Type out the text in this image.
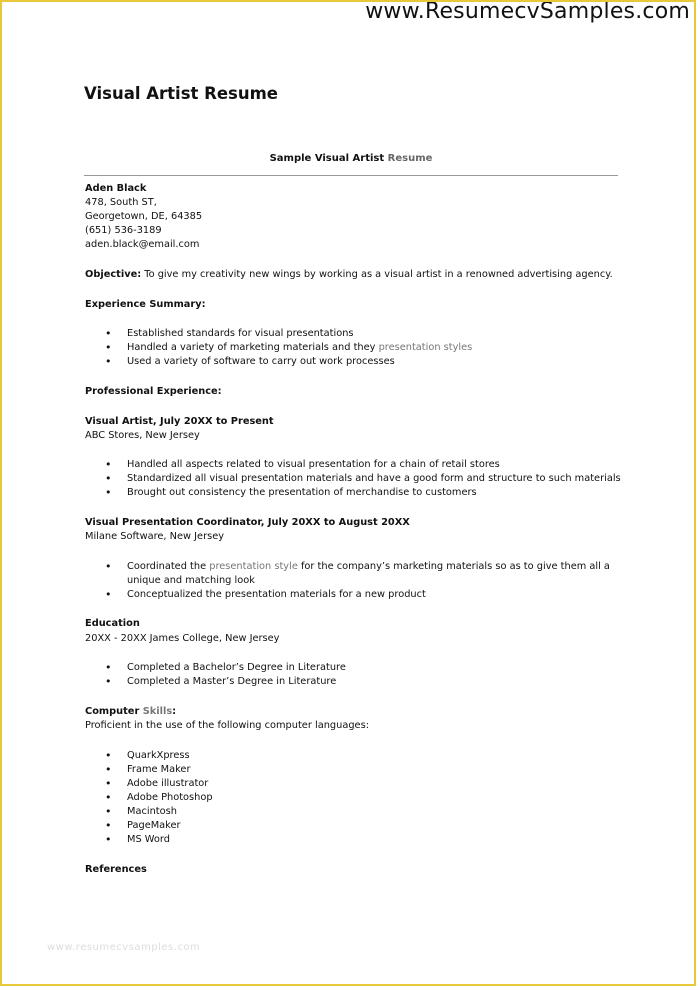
www.ResumecvSamples.com
Visual Artist Resume
Sample Visual Artist Resume
Aden Black
478, South ST,
Georgetown, DE, 64385
(651) 536-3189
aden.black@email.com
Objective: To give my creativity new wings by working as a visual artist in a renowned advertising agency.
Experience Summary:
• Established standards for visual presentations
• Handled a variety of marketing materials and they presentation styles
• Used a variety of software to carry out work processes
Professional Experience:
Visual Artist, July 20XX to Present
ABC Stores, New Jersey
• Handled all aspects related to visual presentation for a chain of retail stores
• Standardized all visual presentation materials and have a good form and structure to such materials
• Brought out consistency the presentation of merchandise to customers
Visual Presentation Coordinator, July 20XX to August 20XX
Milane Software, New Jersey
• Coordinated the presentation style for the company’s marketing materials so as to give them all a unique and matching look
• Conceptualized the presentation materials for a new product
Education
20XX - 20XX James College, New Jersey
• Completed a Bachelor’s Degree in Literature
• Completed a Master’s Degree in Literature
Computer Skills:
Proficient in the use of the following computer languages:
• QuarkXpress
• Frame Maker
• Adobe illustrator
• Adobe Photoshop
• Macintosh
• PageMaker
• MS Word
References
www.resumecvsamples.com
